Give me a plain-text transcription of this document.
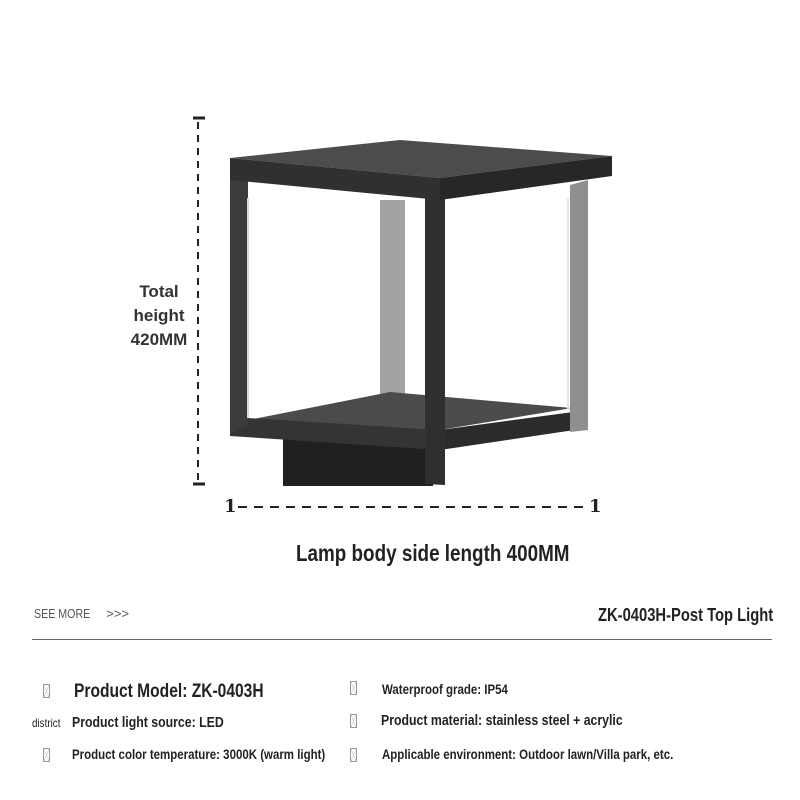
Total
height
420MM
1	1
Lamp body side length 400MM
SEE MORE >>>	ZK-0403H-Post Top Light
Product Model: ZK-0403H
district Product light source: LED
Product color temperature: 3000K (warm light)
Waterproof grade: IP54
Product material: stainless steel + acrylic
Applicable environment: Outdoor lawn/Villa park, etc.
